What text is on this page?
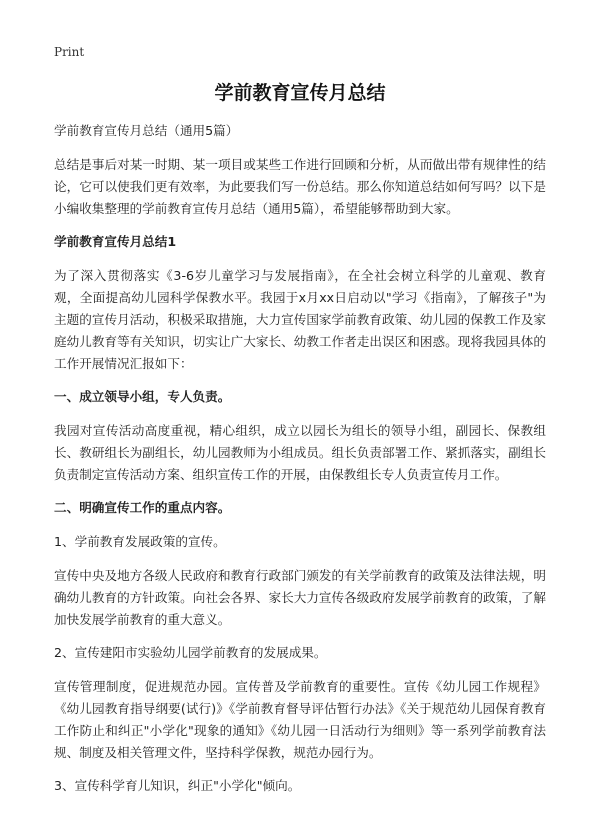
Print
学前教育宣传月总结

学前教育宣传月总结（通用5篇）

总结是事后对某一时期、某一项目或某些工作进行回顾和分析，从而做出带有规律性的结论，它可以使我们更有效率，为此要我们写一份总结。那么你知道总结如何写吗？以下是小编收集整理的学前教育宣传月总结（通用5篇），希望能够帮助到大家。

学前教育宣传月总结1

为了深入贯彻落实《3-6岁儿童学习与发展指南》，在全社会树立科学的儿童观、教育观，全面提高幼儿园科学保教水平。我园于x月xx日启动以"学习《指南》，了解孩子"为主题的宣传月活动，积极采取措施，大力宣传国家学前教育政策、幼儿园的保教工作及家庭幼儿教育等有关知识，切实让广大家长、幼教工作者走出误区和困惑。现将我园具体的工作开展情况汇报如下：

一、成立领导小组，专人负责。

我园对宣传活动高度重视，精心组织，成立以园长为组长的领导小组，副园长、保教组长、教研组长为副组长，幼儿园教师为小组成员。组长负责部署工作、紧抓落实，副组长负责制定宣传活动方案、组织宣传工作的开展，由保教组长专人负责宣传月工作。

二、明确宣传工作的重点内容。

1、学前教育发展政策的宣传。

宣传中央及地方各级人民政府和教育行政部门颁发的有关学前教育的政策及法律法规，明确幼儿教育的方针政策。向社会各界、家长大力宣传各级政府发展学前教育的政策，了解加快发展学前教育的重大意义。

2、宣传建阳市实验幼儿园学前教育的发展成果。

宣传管理制度，促进规范办园。宣传普及学前教育的重要性。宣传《幼儿园工作规程》《幼儿园教育指导纲要(试行)》《学前教育督导评估暂行办法》《关于规范幼儿园保育教育工作防止和纠正"小学化"现象的通知》《幼儿园一日活动行为细则》等一系列学前教育法规、制度及相关管理文件，坚持科学保教，规范办园行为。

3、宣传科学育儿知识，纠正"小学化"倾向。
